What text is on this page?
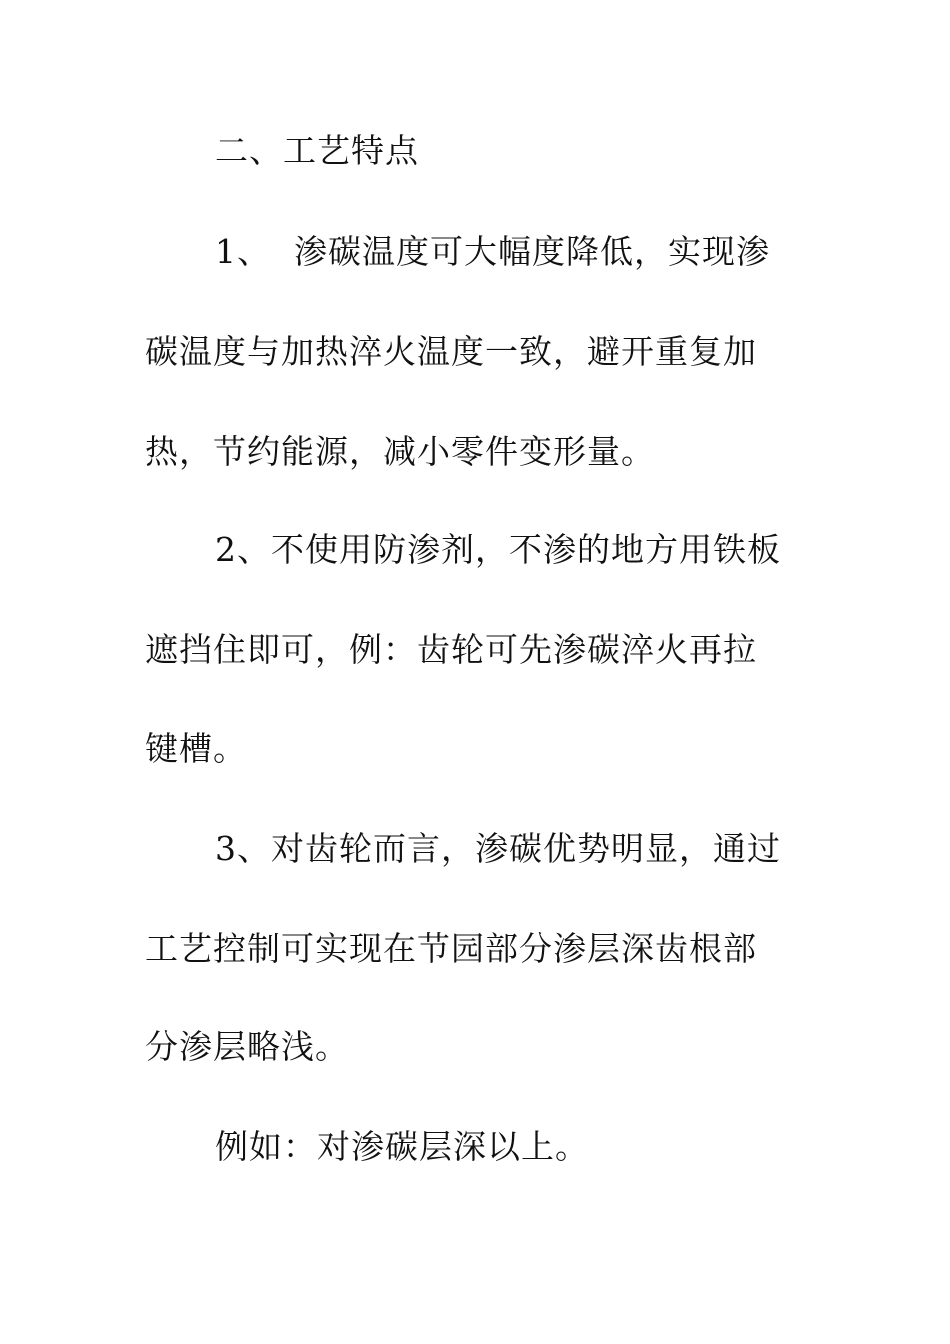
二、工艺特点

1、  渗碳温度可大幅度降低，实现渗

碳温度与加热淬火温度一致，避开重复加

热，节约能源，减小零件变形量。

2、不使用防渗剂，不渗的地方用铁板

遮挡住即可，例：齿轮可先渗碳淬火再拉

键槽。

3、对齿轮而言，渗碳优势明显，通过

工艺控制可实现在节园部分渗层深齿根部

分渗层略浅。

例如：对渗碳层深以上。
